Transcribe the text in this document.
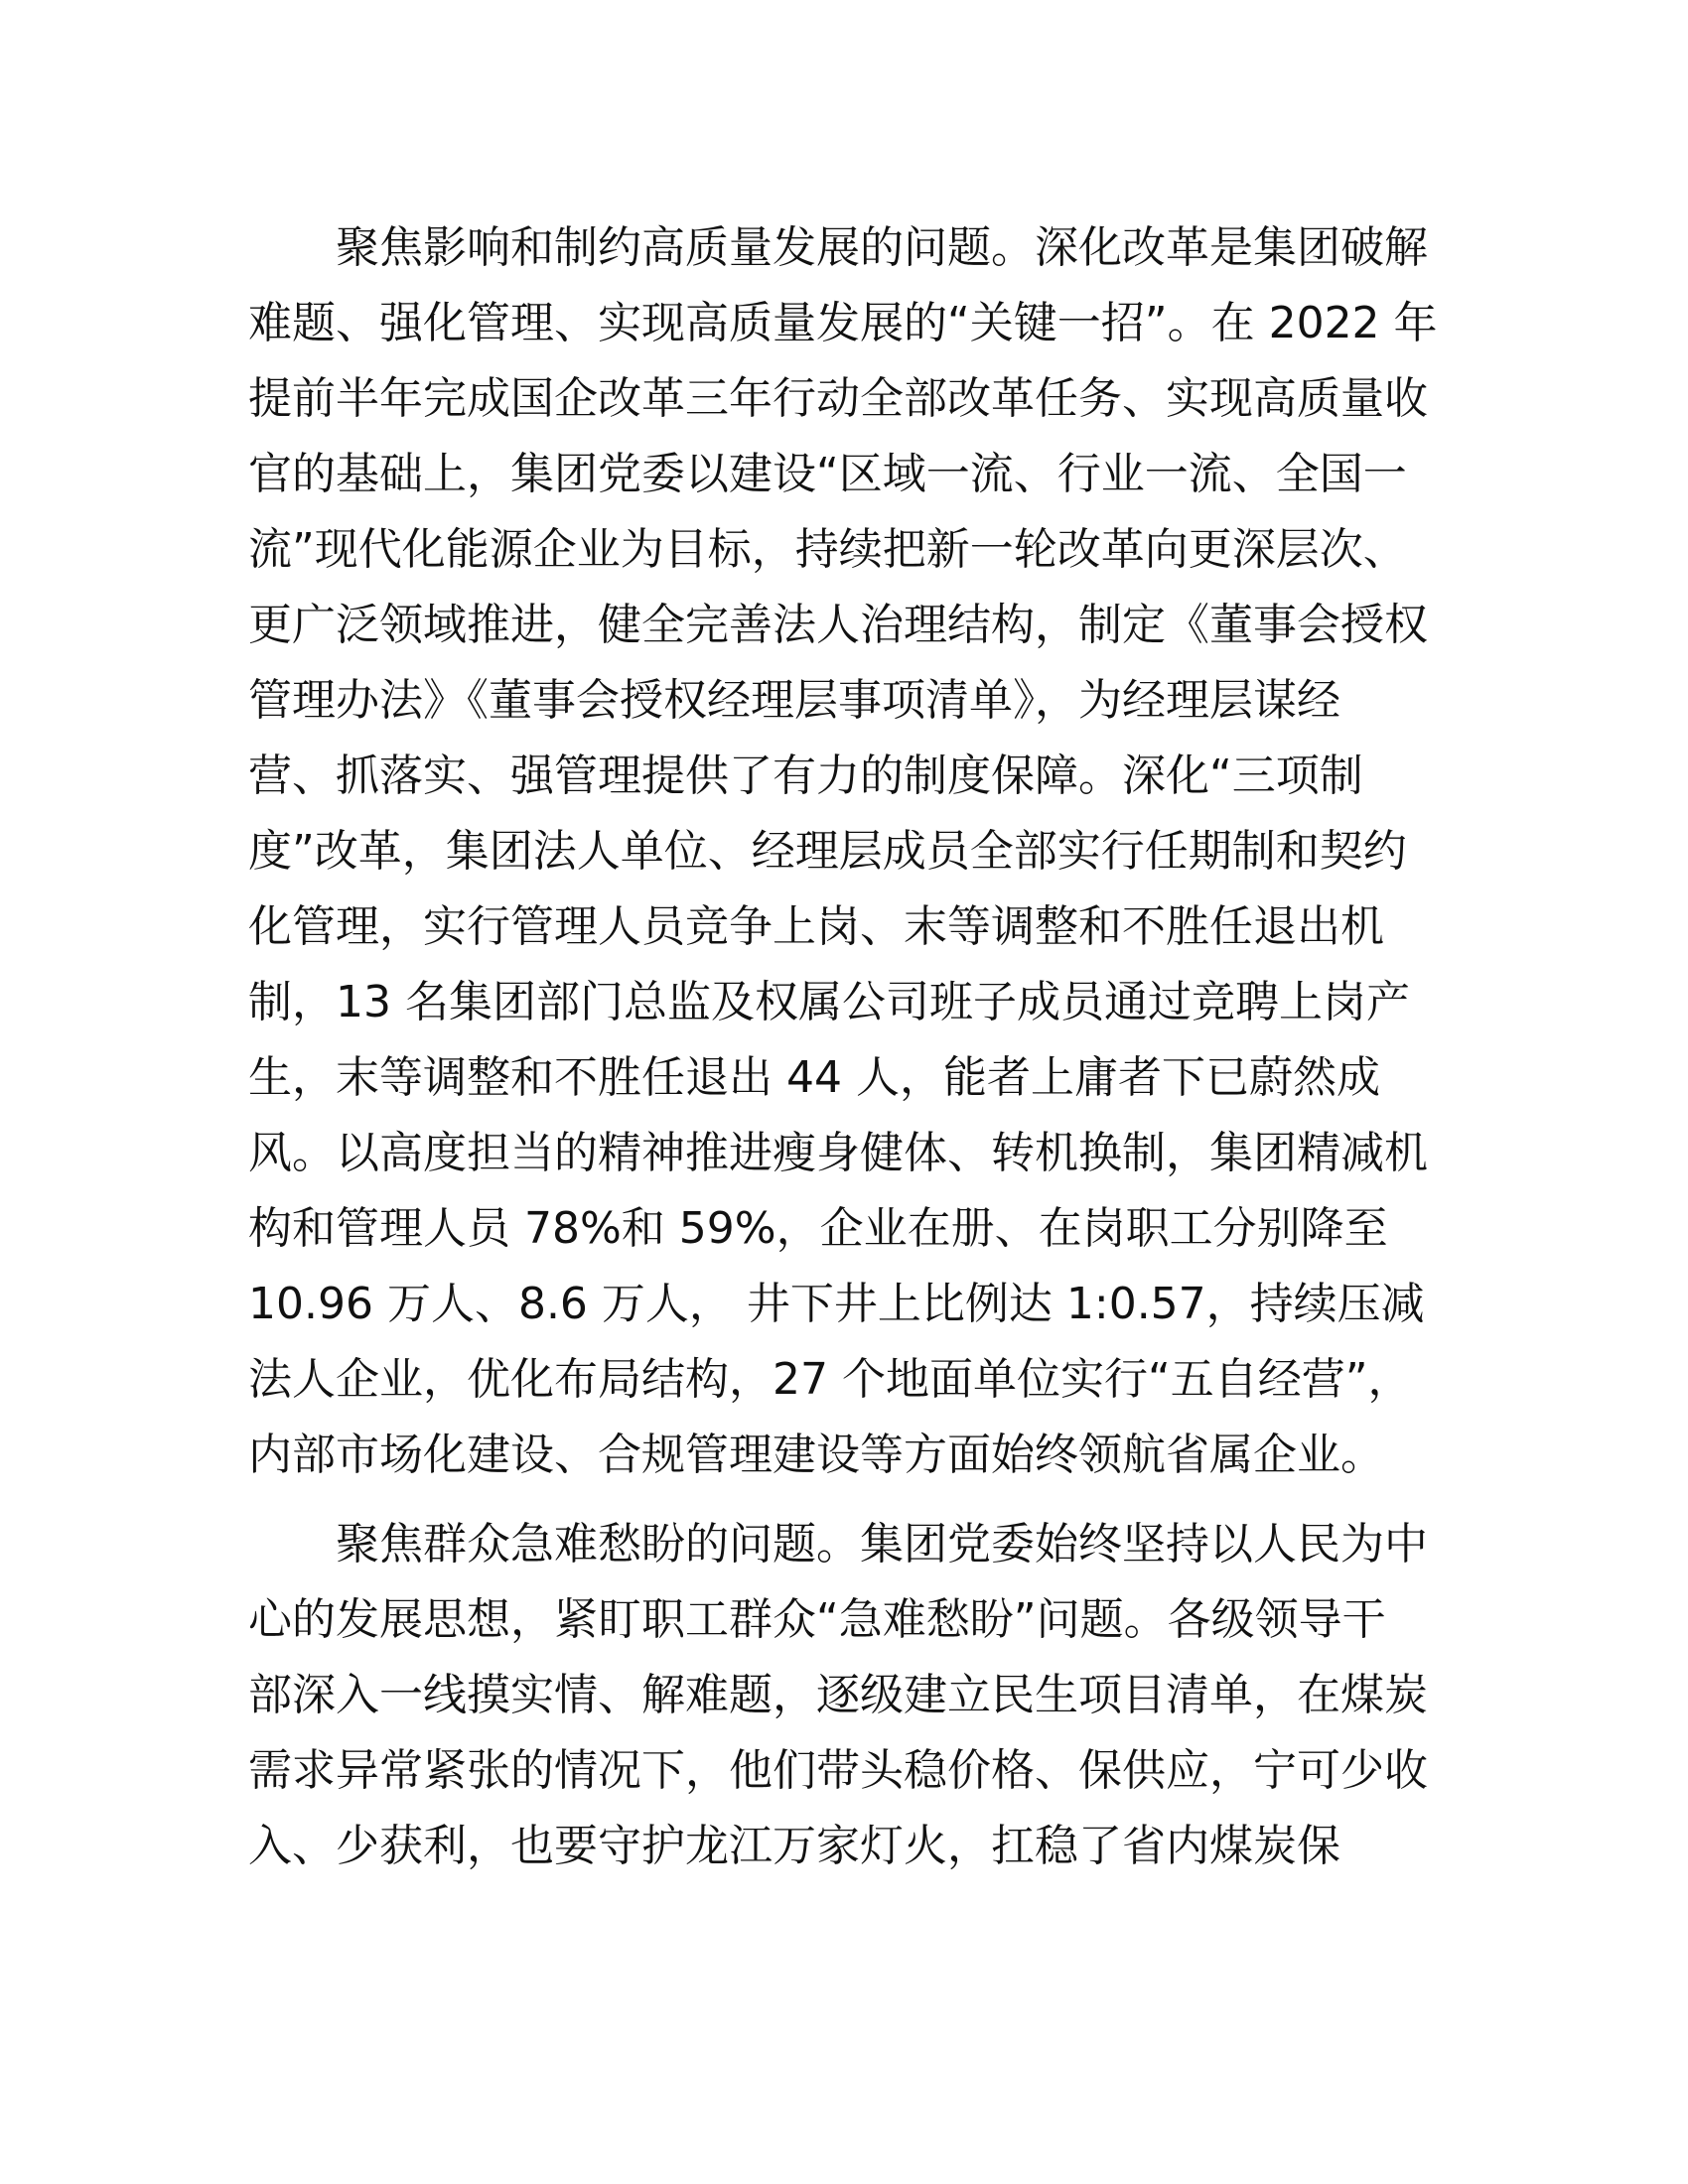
聚焦影响和制约高质量发展的问题。深化改革是集团破解
难题、强化管理、实现高质量发展的“关键一招”。在 2022 年
提前半年完成国企改革三年行动全部改革任务、实现高质量收
官的基础上，集团党委以建设“区域一流、行业一流、全国一
流”现代化能源企业为目标，持续把新一轮改革向更深层次、
更广泛领域推进，健全完善法人治理结构，制定《董事会授权
管理办法》《董事会授权经理层事项清单》，为经理层谋经
营、抓落实、强管理提供了有力的制度保障。深化“三项制
度”改革，集团法人单位、经理层成员全部实行任期制和契约
化管理，实行管理人员竞争上岗、末等调整和不胜任退出机
制，13 名集团部门总监及权属公司班子成员通过竞聘上岗产
生，末等调整和不胜任退出 44 人，能者上庸者下已蔚然成
风。以高度担当的精神推进瘦身健体、转机换制，集团精减机
构和管理人员 78%和 59%，企业在册、在岗职工分别降至
10.96 万人、8.6 万人， 井下井上比例达 1:0.57，持续压减
法人企业，优化布局结构，27 个地面单位实行“五自经营”，
内部市场化建设、合规管理建设等方面始终领航省属企业。
聚焦群众急难愁盼的问题。集团党委始终坚持以人民为中
心的发展思想，紧盯职工群众“急难愁盼”问题。各级领导干
部深入一线摸实情、解难题，逐级建立民生项目清单，在煤炭
需求异常紧张的情况下，他们带头稳价格、保供应，宁可少收
入、少获利，也要守护龙江万家灯火，扛稳了省内煤炭保
